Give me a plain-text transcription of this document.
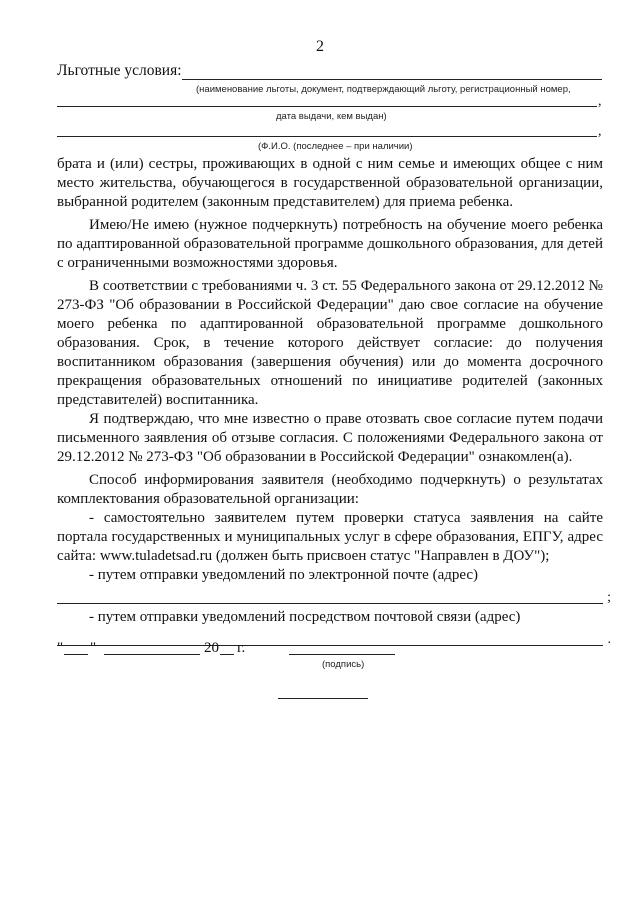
2
Льготные условия:
(наименование льготы, документ, подтверждающий льготу, регистрационный номер,
,
дата выдачи, кем выдан)
,
(Ф.И.О. (последнее – при наличии)

брата и (или) сестры, проживающих в одной с ним семье и имеющих общее с ним место жительства, обучающегося в государственной образовательной организации, выбранной родителем (законным представителем) для приема ребенка.

Имею/Не имею (нужное подчеркнуть) потребность на обучение моего ребенка по адаптированной образовательной программе дошкольного образования, для детей с ограниченными возможностями здоровья.

В соответствии с требованиями ч. 3 ст. 55 Федерального закона от 29.12.2012 № 273-ФЗ "Об образовании в Российской Федерации" даю свое согласие на обучение моего ребенка по адаптированной образовательной программе дошкольного образования. Срок, в течение которого действует согласие: до получения воспитанником образования (завершения обучения) или до момента досрочного прекращения образовательных отношений по инициативе родителей (законных представителей) воспитанника.

Я подтверждаю, что мне известно о праве отозвать свое согласие путем подачи письменного заявления об отзыве согласия. С положениями Федерального закона от 29.12.2012 № 273-ФЗ "Об образовании в Российской Федерации" ознакомлен(а).

Способ информирования заявителя (необходимо подчеркнуть) о результатах комплектования образовательной организации:

- самостоятельно заявителем путем проверки статуса заявления на сайте портала государственных и муниципальных услуг в сфере образования, ЕПГУ, адрес сайта: www.tuladetsad.ru (должен быть присвоен статус "Направлен в ДОУ");

- путем отправки уведомлений по электронной почте (адрес)

;

- путем отправки уведомлений посредством почтовой связи (адрес)

.
" "	20 г.
(подпись)
